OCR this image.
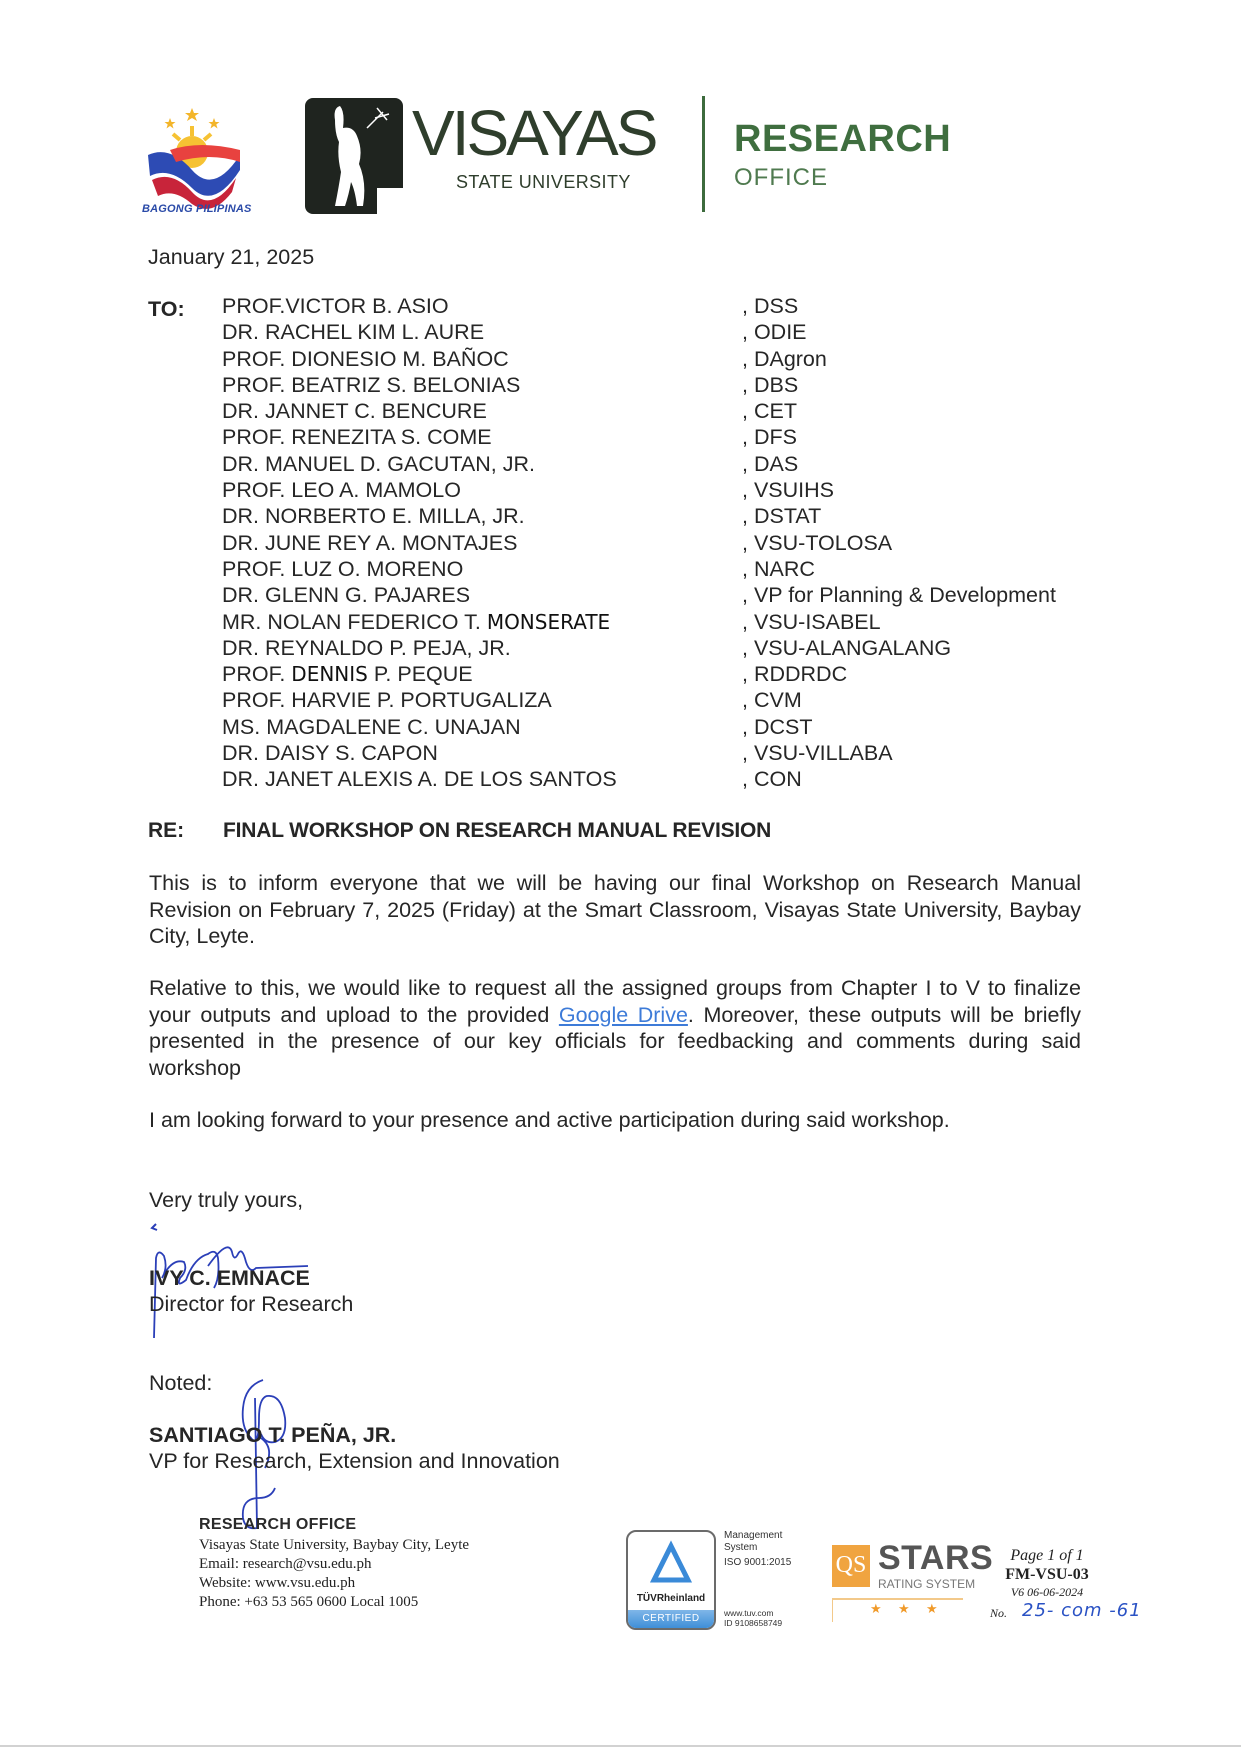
BAGONG PILIPINAS
VISAYAS
STATE UNIVERSITY
RESEARCH
OFFICE
January 21, 2025
TO: PROF.VICTOR B. ASIO	, DSS
DR. RACHEL KIM L. AURE	, ODIE
PROF. DIONESIO M. BAÑOC	, DAgron
PROF. BEATRIZ S. BELONIAS	, DBS
DR. JANNET C. BENCURE	, CET
PROF. RENEZITA S. COME	, DFS
DR. MANUEL D. GACUTAN, JR.	, DAS
PROF. LEO A. MAMOLO	, VSUIHS
DR. NORBERTO E. MILLA, JR.	, DSTAT
DR. JUNE REY A. MONTAJES	, VSU-TOLOSA
PROF. LUZ O. MORENO	, NARC
DR. GLENN G. PAJARES	, VP for Planning & Development
MR. NOLAN FEDERICO T. MONSERATE	, VSU-ISABEL
DR. REYNALDO P. PEJA, JR.	, VSU-ALANGALANG
PROF. DENNIS P. PEQUE	, RDDRDC
PROF. HARVIE P. PORTUGALIZA	, CVM
MS. MAGDALENE C. UNAJAN	, DCST
DR. DAISY S. CAPON	, VSU-VILLABA
DR. JANET ALEXIS A. DE LOS SANTOS	, CON
RE: FINAL WORKSHOP ON RESEARCH MANUAL REVISION
This is to inform everyone that we will be having our final Workshop on Research Manual Revision on February 7, 2025 (Friday) at the Smart Classroom, Visayas State University, Baybay City, Leyte.
Relative to this, we would like to request all the assigned groups from Chapter I to V to finalize your outputs and upload to the provided Google Drive. Moreover, these outputs will be briefly presented in the presence of our key officials for feedbacking and comments during said workshop
I am looking forward to your presence and active participation during said workshop.
Very truly yours,
IVY C. EMNACE
Director for Research
Noted:
SANTIAGO T. PEÑA, JR.
VP for Research, Extension and Innovation
RESEARCH OFFICE
Visayas State University, Baybay City, Leyte
Email: research@vsu.edu.ph
Website: www.vsu.edu.ph
Phone: +63 53 565 0600 Local 1005	TÜVRheinland
CERTIFIED
Management System
ISO 9001:2015
www.tuv.com
ID 9108658749
QS STARS
RATING SYSTEM
★ ★ ★
Page 1 of 1
FM-VSU-03
V6 06-06-2024
No. 25- com -61
